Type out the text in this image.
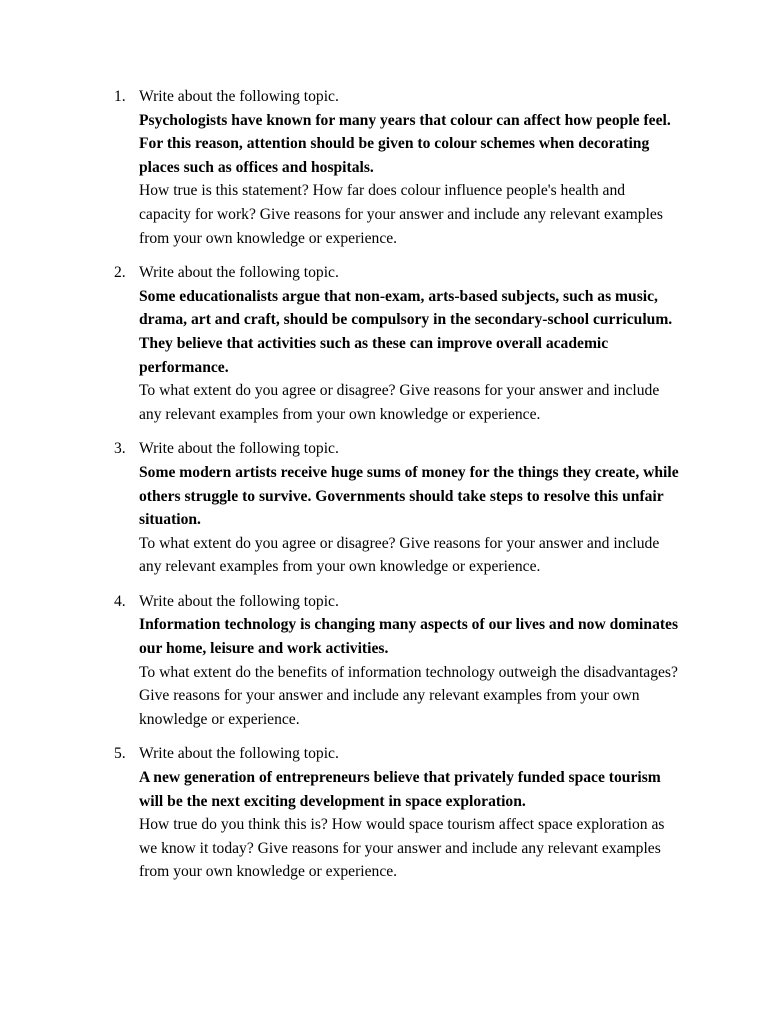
1. Write about the following topic.
Psychologists have known for many years that colour can affect how people feel. For this reason, attention should be given to colour schemes when decorating places such as offices and hospitals.
How true is this statement? How far does colour influence people's health and capacity for work? Give reasons for your answer and include any relevant examples from your own knowledge or experience.
2. Write about the following topic.
Some educationalists argue that non-exam, arts-based subjects, such as music, drama, art and craft, should be compulsory in the secondary-school curriculum. They believe that activities such as these can improve overall academic performance.
To what extent do you agree or disagree? Give reasons for your answer and include any relevant examples from your own knowledge or experience.
3. Write about the following topic.
Some modern artists receive huge sums of money for the things they create, while others struggle to survive. Governments should take steps to resolve this unfair situation.
To what extent do you agree or disagree? Give reasons for your answer and include any relevant examples from your own knowledge or experience.
4. Write about the following topic.
Information technology is changing many aspects of our lives and now dominates our home, leisure and work activities.
To what extent do the benefits of information technology outweigh the disadvantages? Give reasons for your answer and include any relevant examples from your own knowledge or experience.
5. Write about the following topic.
A new generation of entrepreneurs believe that privately funded space tourism will be the next exciting development in space exploration.
How true do you think this is? How would space tourism affect space exploration as we know it today? Give reasons for your answer and include any relevant examples from your own knowledge or experience.
